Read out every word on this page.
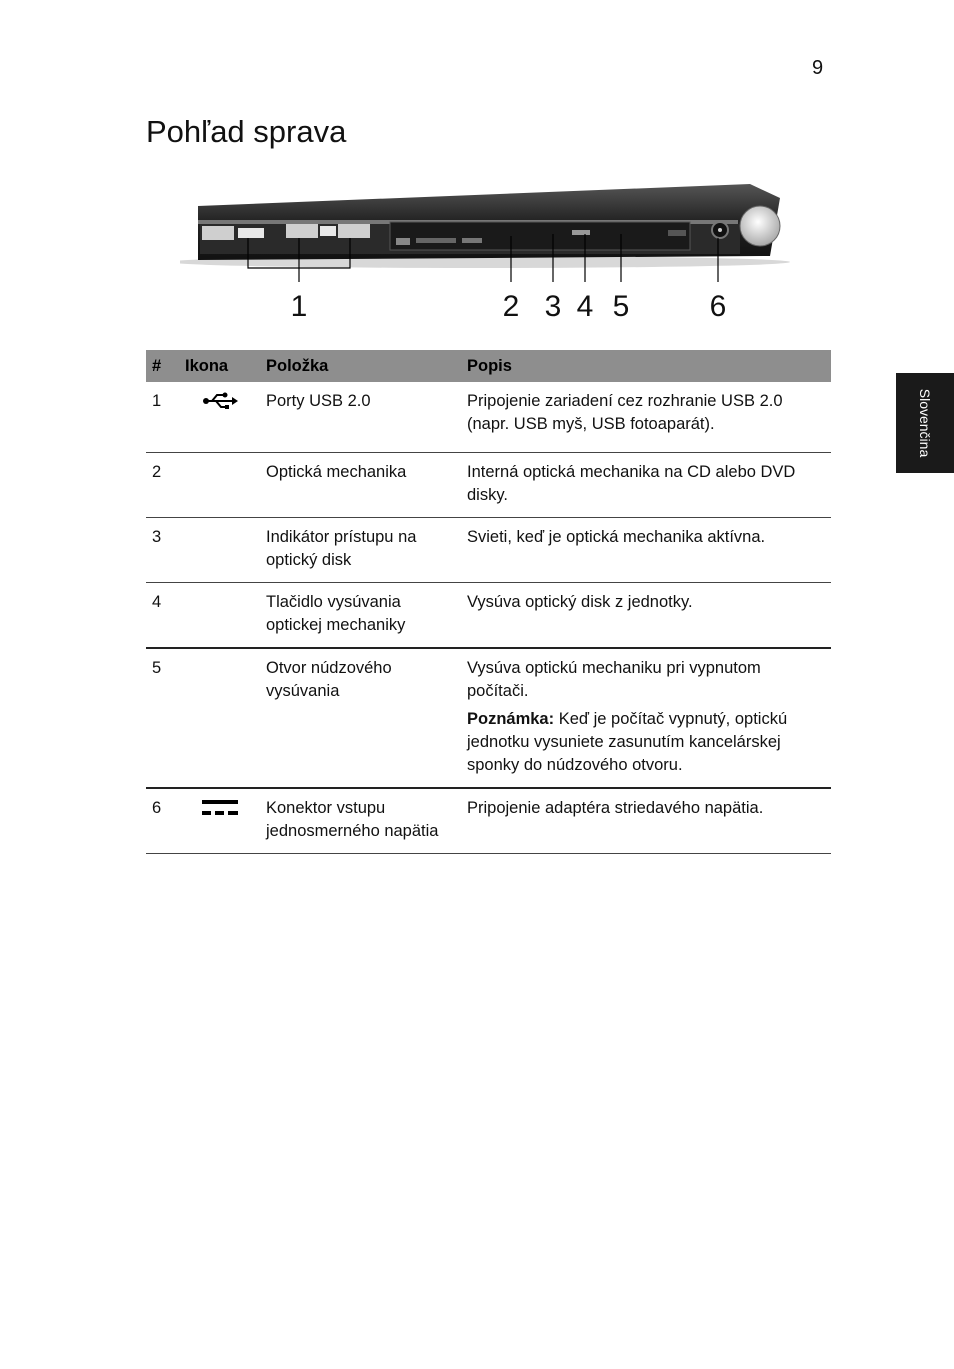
9
Pohľad sprava
Slovenčina
1	2 3 4 5	6
#	Ikona	Položka	Popis
1		Porty USB 2.0	Pripojenie zariadení cez rozhranie USB 2.0 (napr. USB myš, USB fotoaparát).
2		Optická mechanika	Interná optická mechanika na CD alebo DVD disky.
3		Indikátor prístupu na optický disk	Svieti, keď je optická mechanika aktívna.
4		Tlačidlo vysúvania optickej mechaniky	Vysúva optický disk z jednotky.
5		Otvor núdzového vysúvania	Vysúva optickú mechaniku pri vypnutom počítači.

Poznámka: Keď je počítač vypnutý, optickú jednotku vysuniete zasunutím kancelárskej sponky do núdzového otvoru.

6		Konektor vstupu jednosmerného napätia	Pripojenie adaptéra striedavého napätia.
